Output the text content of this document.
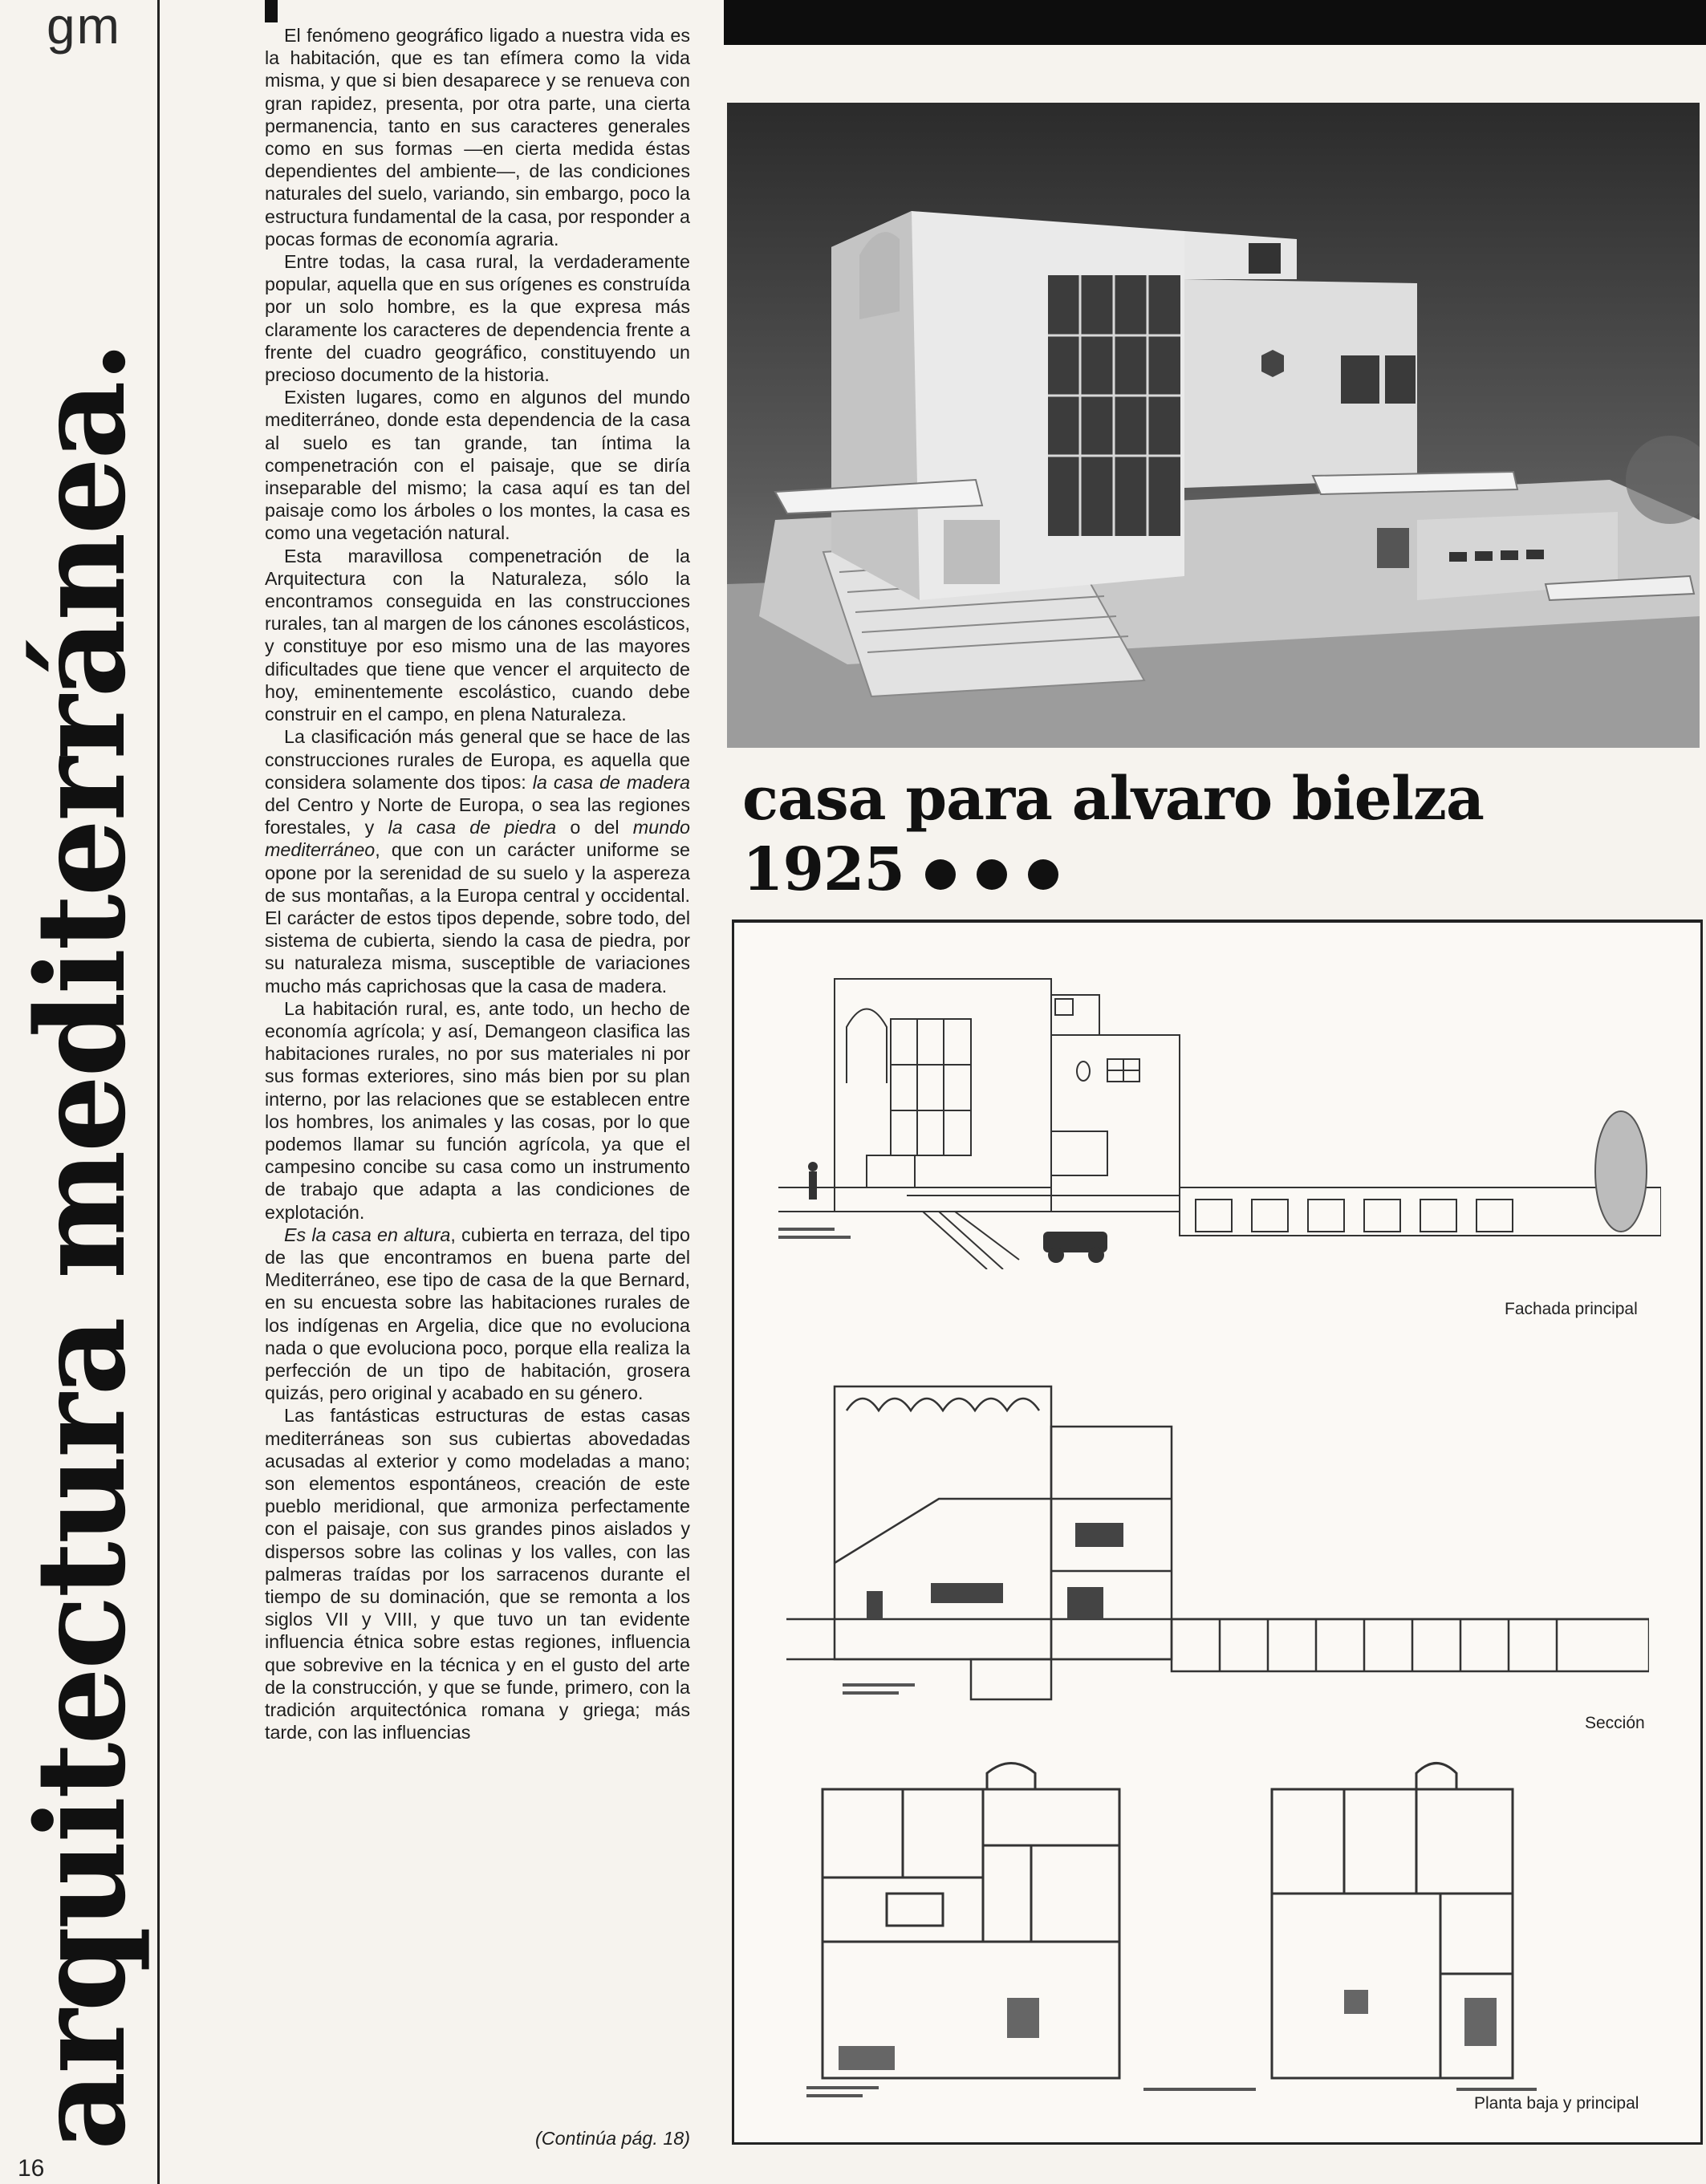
gm
arquitectura mediterránea.
16

El fenómeno geográfico ligado a nuestra vida es la habitación, que es tan efímera como la vida misma, y que si bien desaparece y se renueva con gran rapidez, presenta, por otra parte, una cierta permanencia, tanto en sus caracteres generales como en sus formas —en cierta medida éstas dependientes del ambiente—, de las condiciones naturales del suelo, variando, sin embargo, poco la estructura fundamental de la casa, por responder a pocas formas de economía agraria.

Entre todas, la casa rural, la verdaderamente popular, aquella que en sus orígenes es construída por un solo hombre, es la que expresa más claramente los caracteres de dependencia frente a frente del cuadro geográfico, constituyendo un precioso documento de la historia.

Existen lugares, como en algunos del mundo mediterráneo, donde esta dependencia de la casa al suelo es tan grande, tan íntima la compenetración con el paisaje, que se diría inseparable del mismo; la casa aquí es tan del paisaje como los árboles o los montes, la casa es como una vegetación natural.

Esta maravillosa compenetración de la Arquitectura con la Naturaleza, sólo la encontramos conseguida en las construcciones rurales, tan al margen de los cánones escolásticos, y constituye por eso mismo una de las mayores dificultades que tiene que vencer el arquitecto de hoy, eminentemente escolástico, cuando debe construir en el campo, en plena Naturaleza.

La clasificación más general que se hace de las construcciones rurales de Europa, es aquella que considera solamente dos tipos: la casa de madera del Centro y Norte de Europa, o sea las regiones forestales, y la casa de piedra o del mundo mediterráneo, que con un carácter uniforme se opone por la serenidad de su suelo y la aspereza de sus montañas, a la Europa central y occidental. El carácter de estos tipos depende, sobre todo, del sistema de cubierta, siendo la casa de piedra, por su naturaleza misma, susceptible de variaciones mucho más caprichosas que la casa de madera.

La habitación rural, es, ante todo, un hecho de economía agrícola; y así, Demangeon clasifica las habitaciones rurales, no por sus materiales ni por sus formas exteriores, sino más bien por su plan interno, por las relaciones que se establecen entre los hombres, los animales y las cosas, por lo que podemos llamar su función agrícola, ya que el campesino concibe su casa como un instrumento de trabajo que adapta a las condiciones de explotación.

Es la casa en altura, cubierta en terraza, del tipo de las que encontramos en buena parte del Mediterráneo, ese tipo de casa de la que Bernard, en su encuesta sobre las habitaciones rurales de los indígenas en Argelia, dice que no evoluciona nada o que evoluciona poco, porque ella realiza la perfección de un tipo de habitación, grosera quizás, pero original y acabado en su género.

Las fantásticas estructuras de estas casas mediterráneas son sus cubiertas abovedadas acusadas al exterior y como modeladas a mano; son elementos espontáneos, creación de este pueblo meridional, que armoniza perfectamente con el paisaje, con sus grandes pinos aislados y dispersos sobre las colinas y los valles, con las palmeras traídas por los sarracenos durante el tiempo de su dominación, que se remonta a los siglos VII y VIII, y que tuvo un tan evidente influencia étnica sobre estas regiones, influencia que sobrevive en la técnica y en el gusto del arte de la construcción, y que se funde, primero, con la tradición arquitectónica romana y griega; más tarde, con las influencias

(Continúa pág. 18)
casa para alvaro bielza
1925
Fachada principal
Sección
Planta baja y principal
